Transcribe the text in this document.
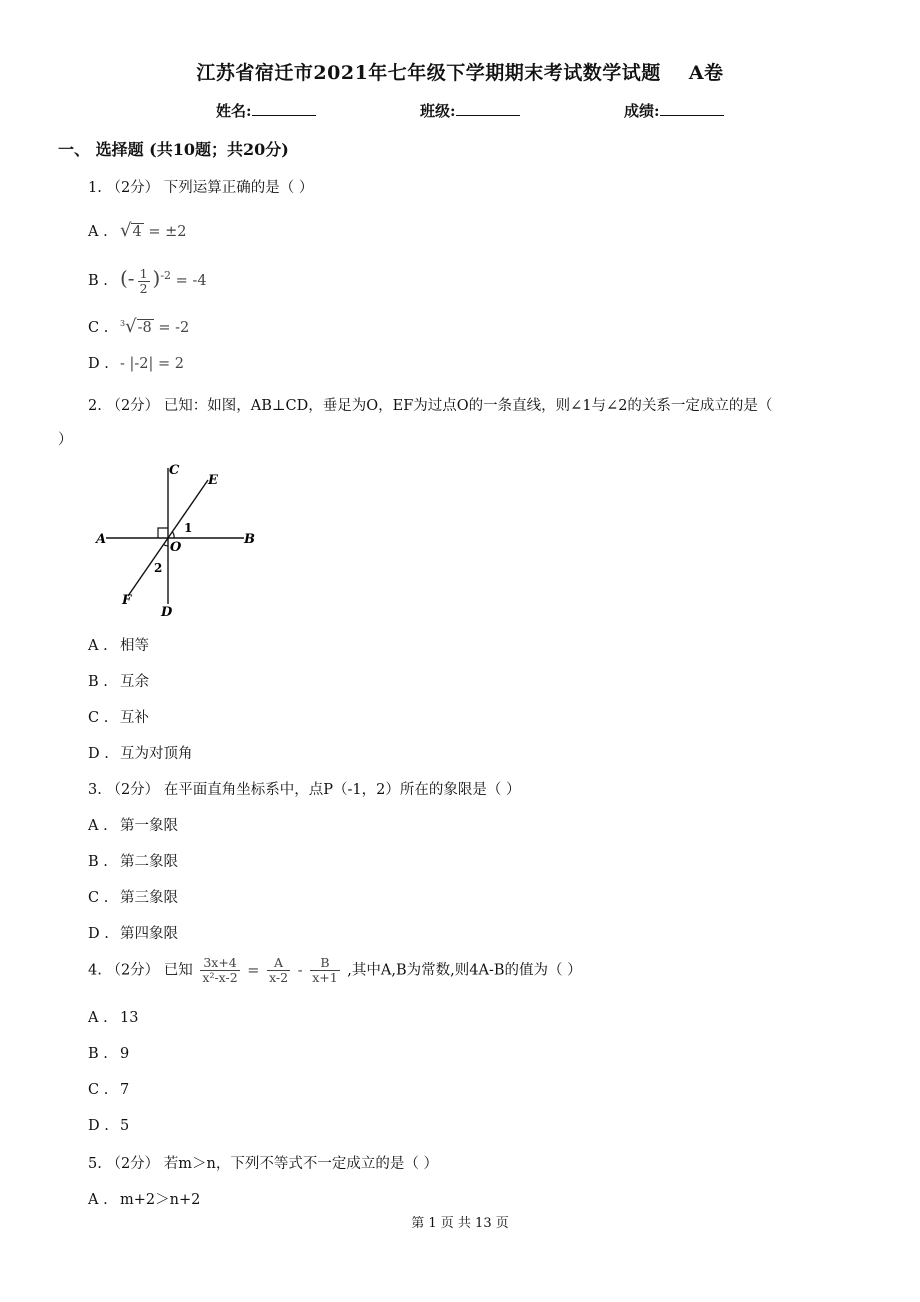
江苏省宿迁市2021年七年级下学期期末考试数学试题 A卷
姓名:	班级:	成绩:
一、 选择题 (共10题；共20分)
1. （2分） 下列运算正确的是（ ）
A . √4 = ±2
B . (- $\frac{1}{2} )^{-2} = -4$
C . $^3$√-8 = -2
D . - |-2| = 2
2. （2分） 已知：如图，AB⊥CD，垂足为O，EF为过点O的一条直线，则∠1与∠2的关系一定成立的是（
）
C
E
A	B
O
1
2
F
D
A . 相等
B . 互余
C . 互补
D . 互为对顶角
3. （2分） 在平面直角坐标系中，点P（-1，2）所在的象限是（ ）
A . 第一象限
B . 第二象限
C . 第三象限
D . 第四象限
4. （2分） 已知 $\frac{3x+4}{\text{x²-x-2}} = \frac{A}{x-2} - \frac{B}{x+1}$ ,其中A,B为常数,则4A-B的值为（ ）
A . 13
B . 9
C . 7
D . 5
5. （2分） 若m＞n，下列不等式不一定成立的是（ ）
A . m+2＞n+2
第 1 页 共 13 页
